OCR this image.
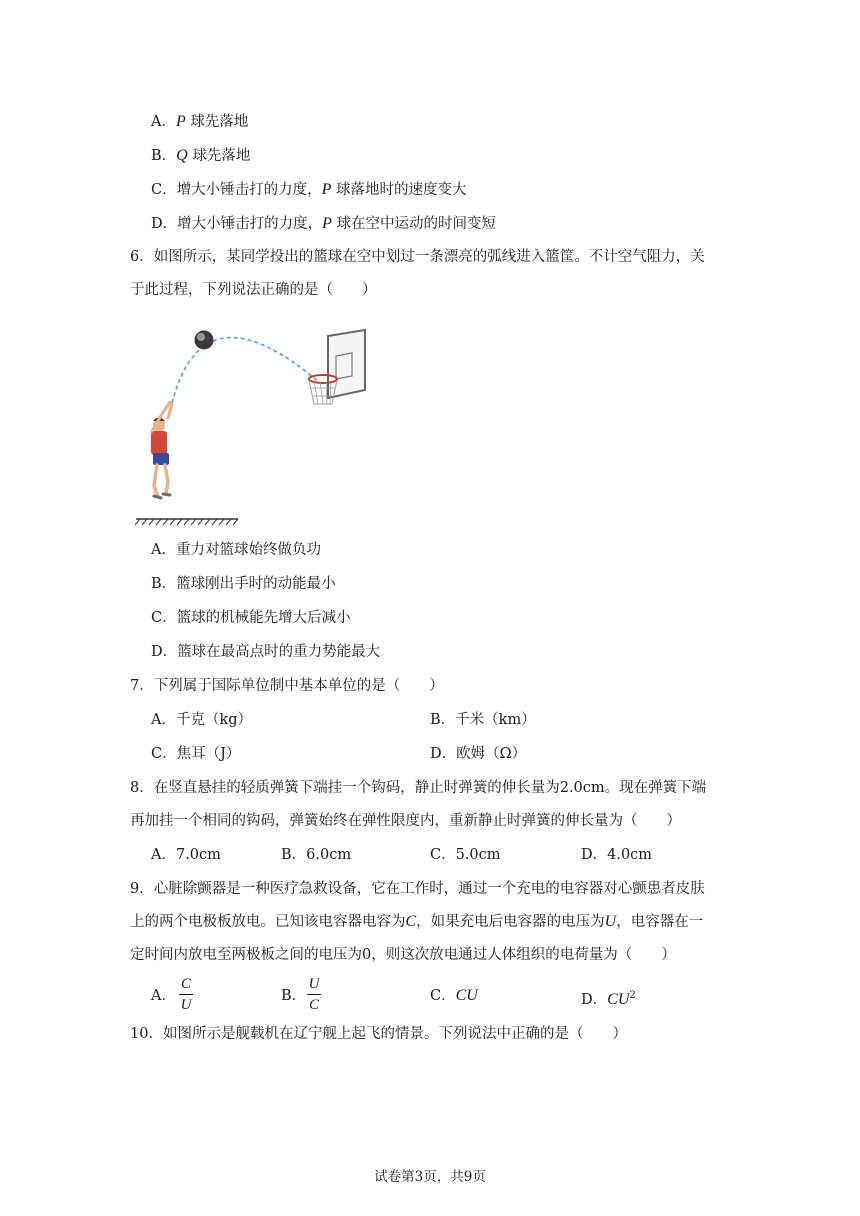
A．P 球先落地
B．Q 球先落地
C．增大小锤击打的力度，P 球落地时的速度变大
D．增大小锤击打的力度，P 球在空中运动的时间变短
6．如图所示，某同学投出的篮球在空中划过一条漂亮的弧线进入篮筐。不计空气阻力，关
于此过程，下列说法正确的是（　　）
A．重力对篮球始终做负功
B．篮球刚出手时的动能最小
C．篮球的机械能先增大后减小
D．篮球在最高点时的重力势能最大
7．下列属于国际单位制中基本单位的是（　　）
A．千克（kg）	B．千米（km）
C．焦耳（J）	D．欧姆（Ω）
8．在竖直悬挂的轻质弹簧下端挂一个钩码，静止时弹簧的伸长量为2.0cm。现在弹簧下端
再加挂一个相同的钩码，弹簧始终在弹性限度内，重新静止时弹簧的伸长量为（　　）
A．7.0cm	B．6.0cm	C．5.0cm	D．4.0cm
9．心脏除颤器是一种医疗急救设备，它在工作时，通过一个充电的电容器对心颤患者皮肤
上的两个电极板放电。已知该电容器电容为C，如果充电后电容器的电压为U，电容器在一
定时间内放电至两极板之间的电压为0，则这次放电通过人体组织的电荷量为（　　）
A．
C
U
B．
U
C
C．CU	D．$CU^2$
10．如图所示是舰载机在辽宁舰上起飞的情景。下列说法中正确的是（　　）
试卷第3页，共9页
